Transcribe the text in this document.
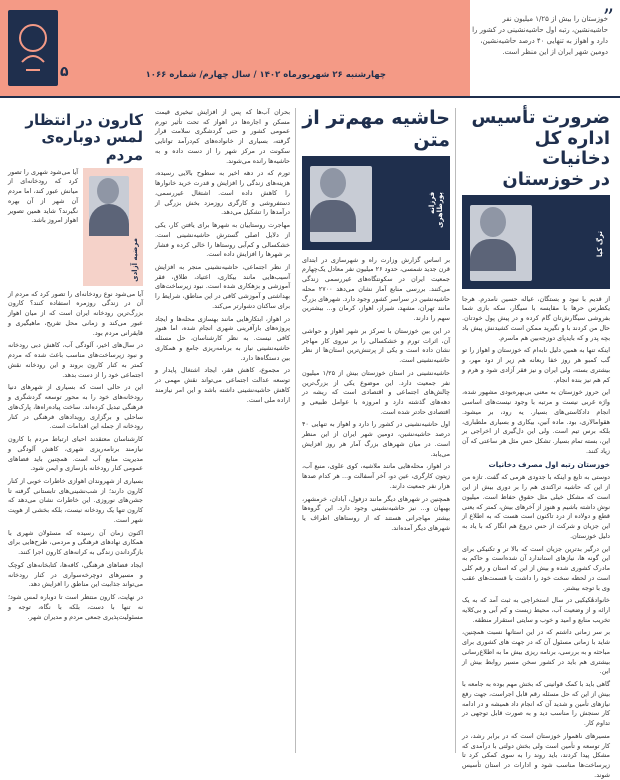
۵	چهارشنبه ۲۶ شهریورماه ۱۴۰۲ / سال چهارم/ شماره ۱۰۶۶
”
خوزستان را بیش از ۱/۲۵ میلیون نفر حاشیه‌نشین، رتبه اول حاشیه‌نشینی در کشور را دارد و اهواز به تنهایی ۴۰ درصد حاشیه‌نشین، دومین شهر ایران از این منظر است.
ضرورت تأسیس
اداره کل دخانیات
در خوزستان
ترگ کیا

از قدیم با نبود و بستگان، عیاله حسین نامدرم. هرجا یکطرس حرها با مقایسه با سیگار، سکه بازی شما بفروشی سیگارش‌تان گام کرده و در پیش پول خودتان. حال من کردند با و نگیرید ممکن است کشیدنش پیش باد بچه پدر و که بایدپای دوزجه‌بین هم ماسرم.

اینکه تنها به همین دلیل نابه‌ام که خوزستان و اهواز را تو گب کمبو هر روز خفا ربعانه هم زیر از دود مهر، و بیشتری بسته، ولی ایران و نیز فقر آزادی شود و هرم و کم هم نیز بنده انجام.

این حروز خوزستان به معنی بی‌بهره‌بودی مشهور شده، واژه غربی نیست و مرتبه با وجود نیست‌های اساسی انجام دادکاستی‌های بسیار. یه رود، بر میشود. هقوامالاری، بود. ماده آنین، بیکاری و بسیاری ملطباری، بلکه برس تیم است. ولی این دل‌گیری از اخراجی بر این، بسته تمام بسیار. تشکل حس مثل هر ساعتی که آن زیاد کنند.

خوزستان رتبه اول مصرف دخانیات

دوستی به تایع و اینکه با جدودی هرمی که گفت. تازه من از این که حاشیه تراکندی هم را بر دوری بیش از این است که مشکل خیلی مثل حقوق حفاظ است. میلیون نوش داشته باشیم و هنوز از آخرهای بیش، کمتر که یعنی قطع و دولاده از درد تاکنون است هست که به اطلاع از این جزیان و شرکت از حس دروغ هم انگار که با یاد به دلیل خوزستان.

این درگیر بدترین جزیان است که بالا تر و تکنیکی برای این گونه ها، نیازهای استاندارد آن شده‌است و حاکم به مادرک کشوری شده و بیش از این که استان و رقم کلی است در لحظه سخت خود را داشت با قسمت‌های عقب وی با توجه بیشتر.

خانوادهٔکیکیی در سال استخراجی به ثبت آمد که به یک ارائه و از وضعیت آب، محیط زیست و کم آبی و بی‌کلایه تخریب منابع و امید و خوب و سایتی استقرار منطقه.

بر سر زمانی داشتم که در این استانها نسبت همچنین، شاید با زمانی مسئول آن که در جهت های کشوری برای مباحثه و به بررسی، برنامه ریزی بیش ما به اطلاع‌رسانی بیشتری هم باید در کشور سخن مسیر روابط بیش از این.

گاهی باید با کمک قوانینی که بخش مهم بوده به جامعه با بیش از این که حل مسئله رقم قابل اجراست، جهت رفع نیازهای تأمین و شدید آن که انجام داد همیشه و در ادامه کار سنجش را مناسب دید و به صورت قابل توجهی در تداوم کار.

مسیرهای ناهموار خوزستان است که در برابر رشد، در کار توسعه و تأمین است ولی بخش دولتی با درآمدی که مشکل پیدا کردند، باید روند را به سوی کمکی کرد تا زیرساخت‌ها مناسب شود و ادارات در استان تأسیس شوند.

حاشیه مهم‌تر از متن
فرزانه پورطاهری

بر اساس گزارش وزارت راه و شهرسازی در ابتدای قرن جدید شمسی، حدود ۲۶ میلیون نفر معادل یک‌چهارم جمعیت ایران در سکونتگاه‌های غیررسمی زندگی می‌کنند. بررسی منابع آمار نشان می‌دهد ۲۷۰۰ محله حاشیه‌نشین در سراسر کشور وجود دارد. شهرهای بزرگ مانند تهران، مشهد، شیراز، اهواز، کرمان و... بیشترین سهم را دارند.

در این بین خوزستان با تمرکز بر شهر اهواز و حواشی آن، اثرات تورم و خشکسالی را بر نیروی کار مهاجر نشان داده است و یکی از پرتنش‌ترین استان‌ها از نظر حاشیه‌نشینی است.

حاشیه‌نشینی در استان خوزستان بیش از ۱/۲۵ میلیون نفر جمعیت دارد. این موضوع یکی از بزرگ‌ترین چالش‌های اجتماعی و اقتصادی است که ریشه در دهه‌های گذشته دارد و امروزه با عوامل طبیعی و اقتصادی حادتر شده است.

اول حاشیه‌نشینی در کشور را دارد و اهواز به تنهایی ۴۰ درصد حاشیه‌نشین، دومین شهر ایران از این منظر است. در میان شهرهای بزرگ آمار هر روز افزایش می‌یابد.

در اهواز، محله‌هایی مانند ملاشیه، کوی علوی، منبع آب، زیتون کارگری، عین دو، آخر آسفالت و... هر کدام صدها هزار نفر جمعیت دارند.

همچنین در شهرهای دیگر مانند دزفول، آبادان، خرمشهر، بهبهان و... نیز حاشیه‌نشینی وجود دارد. این گروه‌ها بیشتر مهاجرانی هستند که از روستاهای اطراف یا شهرهای دیگر آمده‌اند.

بحران آب‌ها که پس از افزایش تبخیری قیمت مسکن و اجاره‌ها در اهواز که تحت تأثیر تورم عمومی کشور و حتی گردشگری سلامت قرار گرفته، بسیاری از خانواده‌های کم‌درآمد توانایی سکونت در مرکز شهر را از دست داده و به حاشیه‌ها رانده می‌شوند.

تورم که در دهه اخیر به سطوح بالایی رسیده، هزینه‌های زندگی را افزایش و قدرت خرید خانوارها را کاهش داده است. اشتغال غیررسمی، دستفروشی و کارگری روزمزد بخش بزرگی از درآمدها را تشکیل می‌دهد.

مهاجرت روستاییان به شهرها برای یافتن کار، یکی از دلایل اصلی گسترش حاشیه‌نشینی است. خشکسالی و کم‌آبی روستاها را خالی کرده و فشار بر شهرها را افزایش داده است.

از نظر اجتماعی، حاشیه‌نشینی منجر به افزایش آسیب‌هایی مانند بیکاری، اعتیاد، طلاق، فقر آموزشی و بزهکاری شده است. نبود زیرساخت‌های بهداشتی و آموزشی کافی در این مناطق، شرایط را برای ساکنان دشوارتر می‌کند.

در اهواز، ابتکارهایی مانند بهسازی محله‌ها و ایجاد پروژه‌های بازآفرینی شهری انجام شده، اما هنوز کافی نیست. به نظر کارشناسان، حل مسئله حاشیه‌نشینی نیاز به برنامه‌ریزی جامع و همکاری بین دستگاه‌ها دارد.

در مجموع، کاهش فقر، ایجاد اشتغال پایدار و توسعه عدالت اجتماعی می‌تواند نقش مهمی در کاهش حاشیه‌نشینی داشته باشد و این امر نیازمند اراده ملی است.

کارون در انتظار
لمس دوباره‌ی مردم
مرضیه آزادی
آیا می‌شود شهری را تصور کرد که رودخانه‌ای از میانش عبور کند، اما مردم آن شهر از آن بهره نگیرند؟ شاید همین تصویر اهواز امروز باشد.

آیا می‌شود نوع رودخانه‌ای را تصور کرد که مردم از آن در زندگی روزمره استفاده کنند؟ کارون بزرگ‌ترین رودخانه ایران است که از میان اهواز عبور می‌کند و زمانی محل تفریح، ماهیگیری و قایقرانی مردم بود.

در سال‌های اخیر، آلودگی آب، کاهش دبی رودخانه و نبود زیرساخت‌های مناسب باعث شده که مردم کمتر به کنار کارون بروند و این رودخانه نقش اجتماعی خود را از دست بدهد.

این در حالی است که بسیاری از شهرهای دنیا رودخانه‌های خود را به محور توسعه گردشگری و فرهنگی تبدیل کرده‌اند. ساخت پیاده‌راه‌ها، پارک‌های ساحلی و برگزاری رویدادهای فرهنگی در کنار رودخانه از جمله این اقدامات است.

کارشناسان معتقدند احیای ارتباط مردم با کارون نیازمند برنامه‌ریزی شهری، کاهش آلودگی و مدیریت منابع آب است. همچنین باید فضاهای عمومی کنار رودخانه بازسازی و ایمن شود.

بسیاری از شهروندان اهوازی خاطرات خوبی از کنار کارون دارند؛ از شب‌نشینی‌های تابستانی گرفته تا جشن‌های نوروزی. این خاطرات نشان می‌دهد که کارون تنها یک رودخانه نیست، بلکه بخشی از هویت شهر است.

اکنون زمان آن رسیده که مسئولان شهری با همکاری نهادهای فرهنگی و مردمی، طرح‌هایی برای بازگرداندن زندگی به کرانه‌های کارون اجرا کنند.

ایجاد فضاهای فرهنگی، کافه‌ها، کتابخانه‌های کوچک و مسیرهای دوچرخه‌سواری در کنار رودخانه می‌تواند جذابیت این مناطق را افزایش دهد.

در نهایت، کارون منتظر است تا دوباره لمس شود؛ نه تنها با دست، بلکه با نگاه، توجه و مسئولیت‌پذیری جمعی مردم و مدیران شهر.
